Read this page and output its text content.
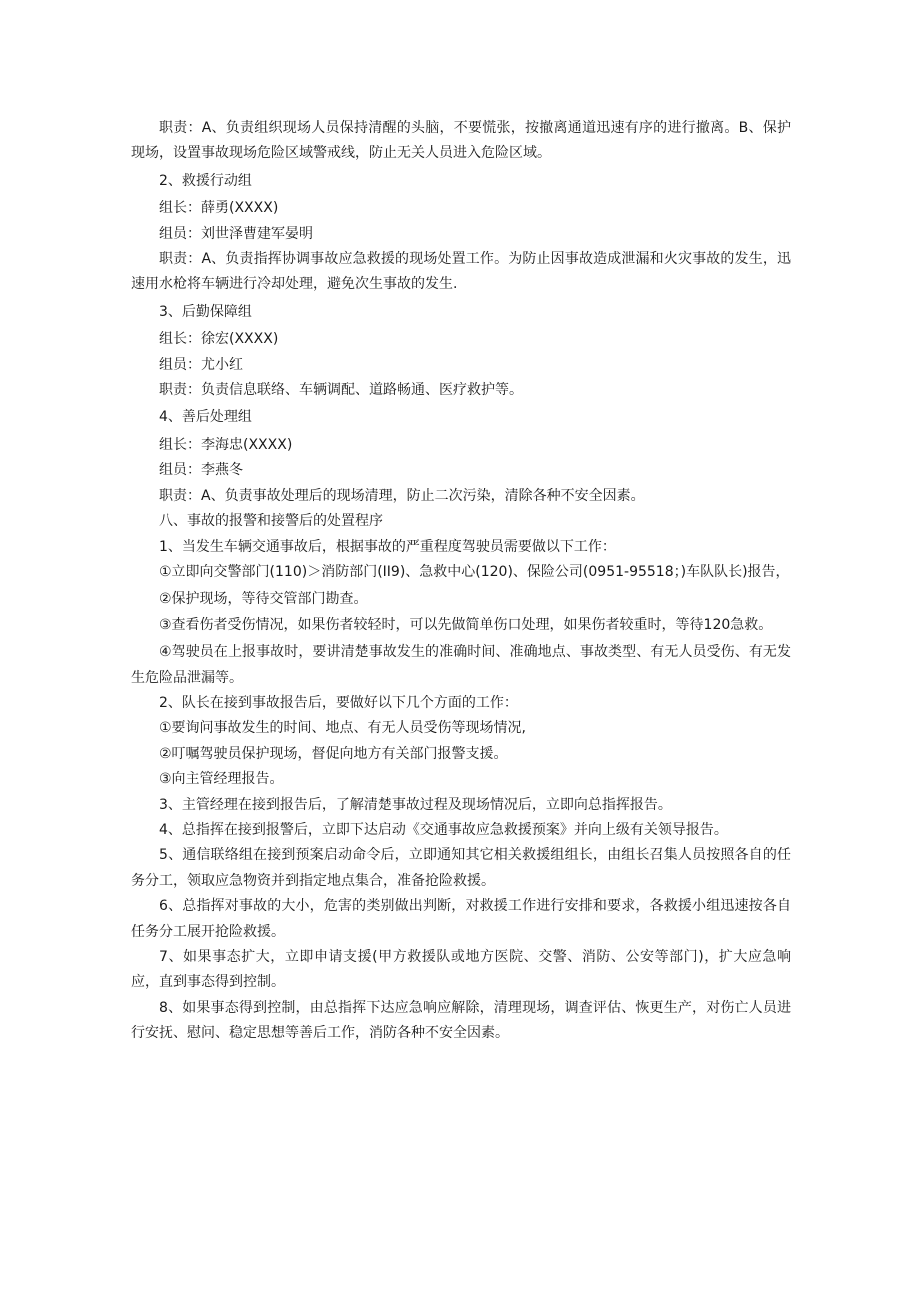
职责：A、负责组织现场人员保持清醒的头脑，不要慌张，按撤离通道迅速有序的进行撤离。B、保护现场，设置事故现场危险区域警戒线，防止无关人员进入危险区域。

2、救援行动组

组长：薛勇(XXXX)

组员：刘世泽曹建军晏明

职责：A、负责指挥协调事故应急救援的现场处置工作。为防止因事故造成泄漏和火灾事故的发生，迅速用水枪将车辆进行冷却处理，避免次生事故的发生.

3、后勤保障组

组长：徐宏(XXXX)

组员：尤小红

职责：负责信息联络、车辆调配、道路畅通、医疗救护等。

4、善后处理组

组长：李海忠(XXXX)

组员：李燕冬

职责：A、负责事故处理后的现场清理，防止二次污染，清除各种不安全因素。

八、事故的报警和接警后的处置程序

1、当发生车辆交通事故后，根据事故的严重程度驾驶员需要做以下工作：

①立即向交警部门(110)＞消防部门(II9)、急救中心(120)、保险公司(0951-95518；)车队队长)报告，

②保护现场，等待交管部门勘查。

③查看伤者受伤情况，如果伤者较轻时，可以先做简单伤口处理，如果伤者较重时，等待120急救。

④驾驶员在上报事故时，要讲清楚事故发生的准确时间、准确地点、事故类型、有无人员受伤、有无发生危险品泄漏等。

2、队长在接到事故报告后，要做好以下几个方面的工作：

①要询问事故发生的时间、地点、有无人员受伤等现场情况,

②叮嘱驾驶员保护现场，督促向地方有关部门报警支援。

③向主管经理报告。

3、主管经理在接到报告后，了解清楚事故过程及现场情况后，立即向总指挥报告。

4、总指挥在接到报警后，立即下达启动《交通事故应急救援预案》并向上级有关领导报告。

5、通信联络组在接到预案启动命令后，立即通知其它相关救援组组长，由组长召集人员按照各自的任务分工，领取应急物资并到指定地点集合，准备抢险救援。

6、总指挥对事故的大小，危害的类别做出判断，对救援工作进行安排和要求，各救援小组迅速按各自任务分工展开抢险救援。

7、如果事态扩大，立即申请支援(甲方救援队或地方医院、交警、消防、公安等部门)，扩大应急响应，直到事态得到控制。

8、如果事态得到控制，由总指挥下达应急响应解除，清理现场，调查评估、恢更生产，对伤亡人员进行安抚、慰问、稳定思想等善后工作，消防各种不安全因素。
